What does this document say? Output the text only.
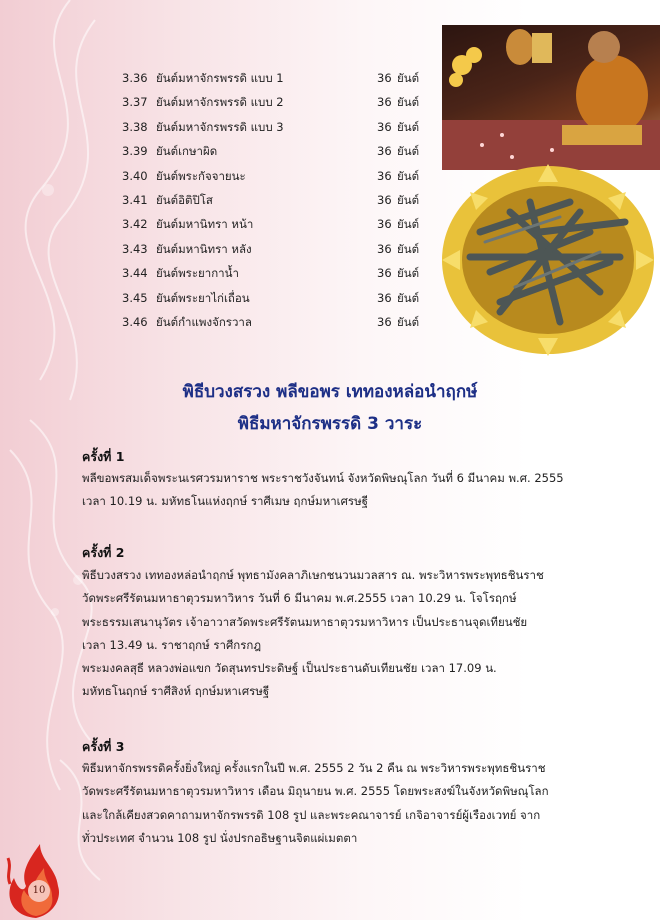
3.36 ยันต์มหาจักรพรรดิ แบบ 1	36 ยันต์
3.37 ยันต์มหาจักรพรรดิ แบบ 2	36 ยันต์
3.38 ยันต์มหาจักรพรรดิ แบบ 3	36 ยันต์
3.39 ยันต์เกษาผิด	36 ยันต์
3.40 ยันต์พระกัจจายนะ	36 ยันต์
3.41 ยันต์อิติปิโส	36 ยันต์
3.42 ยันต์มหานิทรา หน้า	36 ยันต์
3.43 ยันต์มหานิทรา หลัง	36 ยันต์
3.44 ยันต์พระยากาน้ำ	36 ยันต์
3.45 ยันต์พระยาไก่เถื่อน	36 ยันต์
3.46 ยันต์กำแพงจักรวาล	36 ยันต์
พิธีบวงสรวง พลีขอพร เททองหล่อนำฤกษ์
พิธีมหาจักรพรรดิ 3 วาระ
ครั้งที่ 1
พลีขอพรสมเด็จพระนเรศวรมหาราช พระราชวังจันทน์ จังหวัดพิษณุโลก วันที่ 6 มีนาคม พ.ศ. 2555
เวลา 10.19 น. มหัทธโนแห่งฤกษ์ ราศีเมษ ฤกษ์มหาเศรษฐี
ครั้งที่ 2
พิธีบวงสรวง เททองหล่อนำฤกษ์ พุทธามังคลาภิเษกชนวนมวลสาร ณ. พระวิหารพระพุทธชินราช
วัดพระศรีรัตนมหาธาตุวรมหาวิหาร วันที่ 6 มีนาคม พ.ศ.2555 เวลา 10.29 น. โจโรฤกษ์
พระธรรมเสนานุวัตร เจ้าอาวาสวัดพระศรีรัตนมหาธาตุวรมหาวิหาร เป็นประธานจุดเทียนชัย
เวลา 13.49 น. ราชาฤกษ์ ราศีกรกฎ
พระมงคลสุธี หลวงพ่อแขก วัดสุนทรประดิษฐ์ เป็นประธานดับเทียนชัย เวลา 17.09 น.
มหัทธโนฤกษ์ ราศีสิงห์ ฤกษ์มหาเศรษฐี
ครั้งที่ 3
พิธีมหาจักรพรรดิครั้งยิ่งใหญ่ ครั้งแรกในปี พ.ศ. 2555 2 วัน 2 คืน ณ พระวิหารพระพุทธชินราช
วัดพระศรีรัตนมหาธาตุวรมหาวิหาร เดือน มิถุนายน พ.ศ. 2555 โดยพระสงฆ์ในจังหวัดพิษณุโลก
และใกล้เคียงสวดคาถามหาจักรพรรดิ 108 รูป และพระคณาจารย์ เกจิอาจารย์ผู้เรืองเวทย์ จาก
ทั่วประเทศ จำนวน 108 รูป นั่งปรกอธิษฐานจิตแผ่เมตตา
10
